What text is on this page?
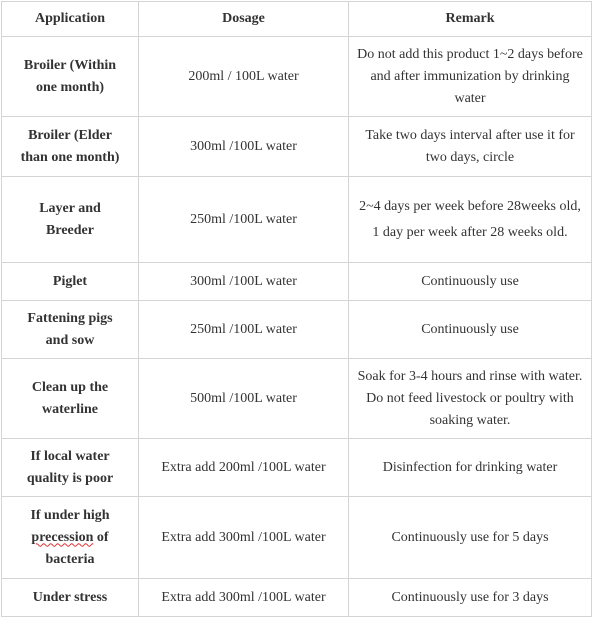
Application	Dosage	Remark

Broiler (Within
one month)	200ml / 100L water	Do not add this product 1~2 days before and after immunization by drinking water

Broiler (Elder
than one month)	300ml /100L water	Take two days interval after use it for two days, circle

Layer and
Breeder	250ml /100L water	2~4 days per week before 28weeks old,
1 day per week after 28 weeks old.

Piglet	300ml /100L water	Continuously use

Fattening pigs
and sow	250ml /100L water	Continuously use

Clean up the
waterline	500ml /100L water	Soak for 3-4 hours and rinse with water. Do not feed livestock or poultry with soaking water.

If local water
quality is poor	Extra add 200ml /100L water	Disinfection for drinking water

If under high
precession of
bacteria	Extra add 300ml /100L water	Continuously use for 5 days

Under stress	Extra add 300ml /100L water	Continuously use for 3 days
